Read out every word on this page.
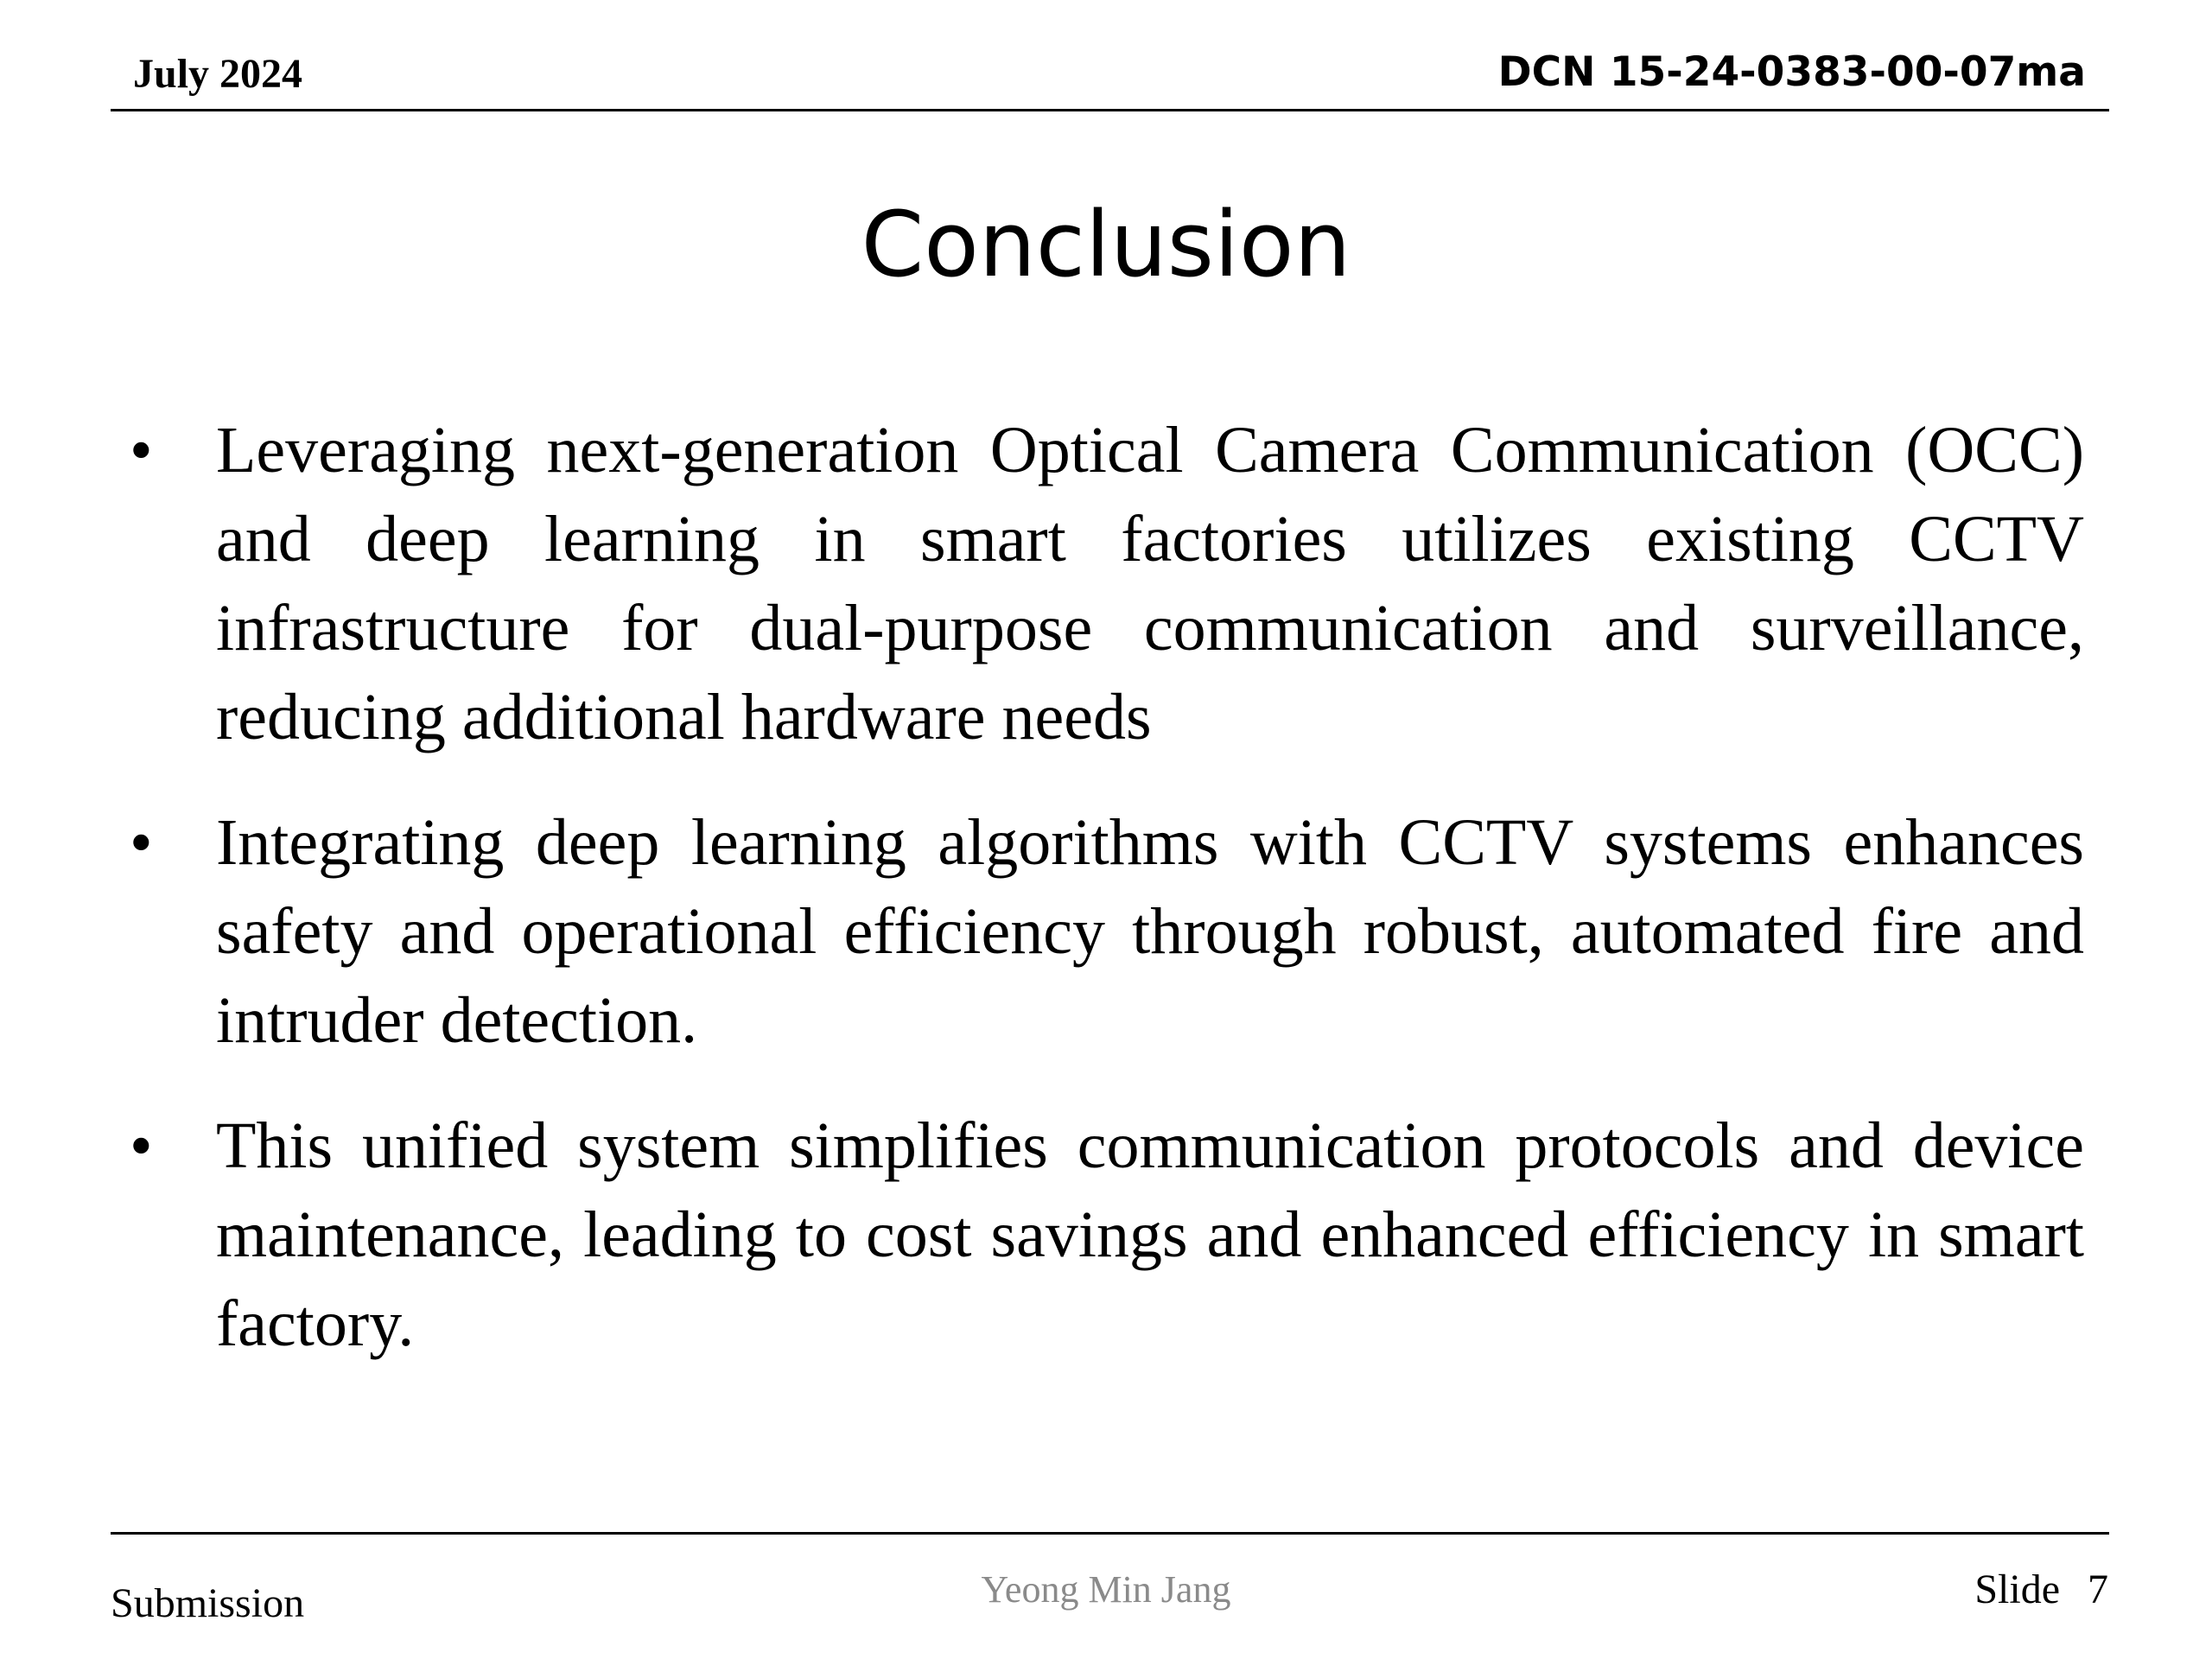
July 2024	DCN 15-24-0383-00-07ma
Conclusion
• Leveraging next-generation Optical Camera Communication (OCC) and deep learning in smart factories utilizes existing CCTV infrastructure for dual-purpose communication and surveillance, reducing additional hardware needs
• Integrating deep learning algorithms with CCTV systems enhances safety and operational efficiency through robust, automated fire and intruder detection.
• This unified system simplifies communication protocols and device maintenance, leading to cost savings and enhanced efficiency in smart factory.
Submission	Yeong Min Jang	Slide 7
